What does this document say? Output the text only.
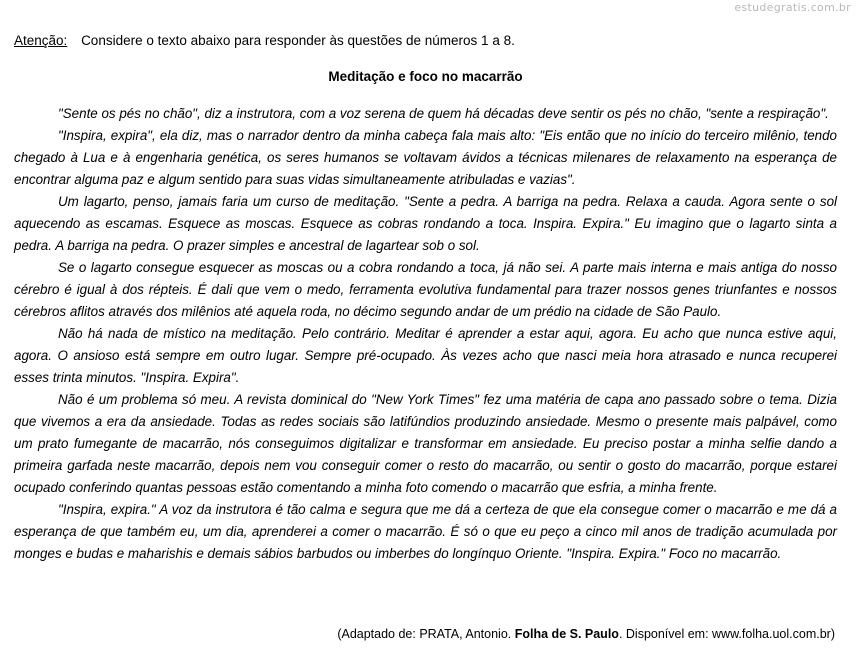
estudegratis.com.br
Atenção: Considere o texto abaixo para responder às questões de números 1 a 8.
Meditação e foco no macarrão

"Sente os pés no chão", diz a instrutora, com a voz serena de quem há décadas deve sentir os pés no chão, "sente a respiração".

"Inspira, expira", ela diz, mas o narrador dentro da minha cabeça fala mais alto: "Eis então que no início do terceiro milênio, tendo chegado à Lua e à engenharia genética, os seres humanos se voltavam ávidos a técnicas milenares de relaxamento na esperança de encontrar alguma paz e algum sentido para suas vidas simultaneamente atribuladas e vazias".

Um lagarto, penso, jamais faria um curso de meditação. "Sente a pedra. A barriga na pedra. Relaxa a cauda. Agora sente o sol aquecendo as escamas. Esquece as moscas. Esquece as cobras rondando a toca. Inspira. Expira." Eu imagino que o lagarto sinta a pedra. A barriga na pedra. O prazer simples e ancestral de lagartear sob o sol.

Se o lagarto consegue esquecer as moscas ou a cobra rondando a toca, já não sei. A parte mais interna e mais antiga do nosso cérebro é igual à dos répteis. É dali que vem o medo, ferramenta evolutiva fundamental para trazer nossos genes triunfantes e nossos cérebros aflitos através dos milênios até aquela roda, no décimo segundo andar de um prédio na cidade de São Paulo.

Não há nada de místico na meditação. Pelo contrário. Meditar é aprender a estar aqui, agora. Eu acho que nunca estive aqui, agora. O ansioso está sempre em outro lugar. Sempre pré-ocupado. Às vezes acho que nasci meia hora atrasado e nunca recuperei esses trinta minutos. "Inspira. Expira".

Não é um problema só meu. A revista dominical do "New York Times" fez uma matéria de capa ano passado sobre o tema. Dizia que vivemos a era da ansiedade. Todas as redes sociais são latifúndios produzindo ansiedade. Mesmo o presente mais palpável, como um prato fumegante de macarrão, nós conseguimos digitalizar e transformar em ansiedade. Eu preciso postar a minha selfie dando a primeira garfada neste macarrão, depois nem vou conseguir comer o resto do macarrão, ou sentir o gosto do macarrão, porque estarei ocupado conferindo quantas pessoas estão comentando a minha foto comendo o macarrão que esfria, a minha frente.

"Inspira, expira." A voz da instrutora é tão calma e segura que me dá a certeza de que ela consegue comer o macarrão e me dá a esperança de que também eu, um dia, aprenderei a comer o macarrão. É só o que eu peço a cinco mil anos de tradição acumulada por monges e budas e maharishis e demais sábios barbudos ou imberbes do longínquo Oriente. "Inspira. Expira." Foco no macarrão.

(Adaptado de: PRATA, Antonio. Folha de S. Paulo. Disponível em: www.folha.uol.com.br)
